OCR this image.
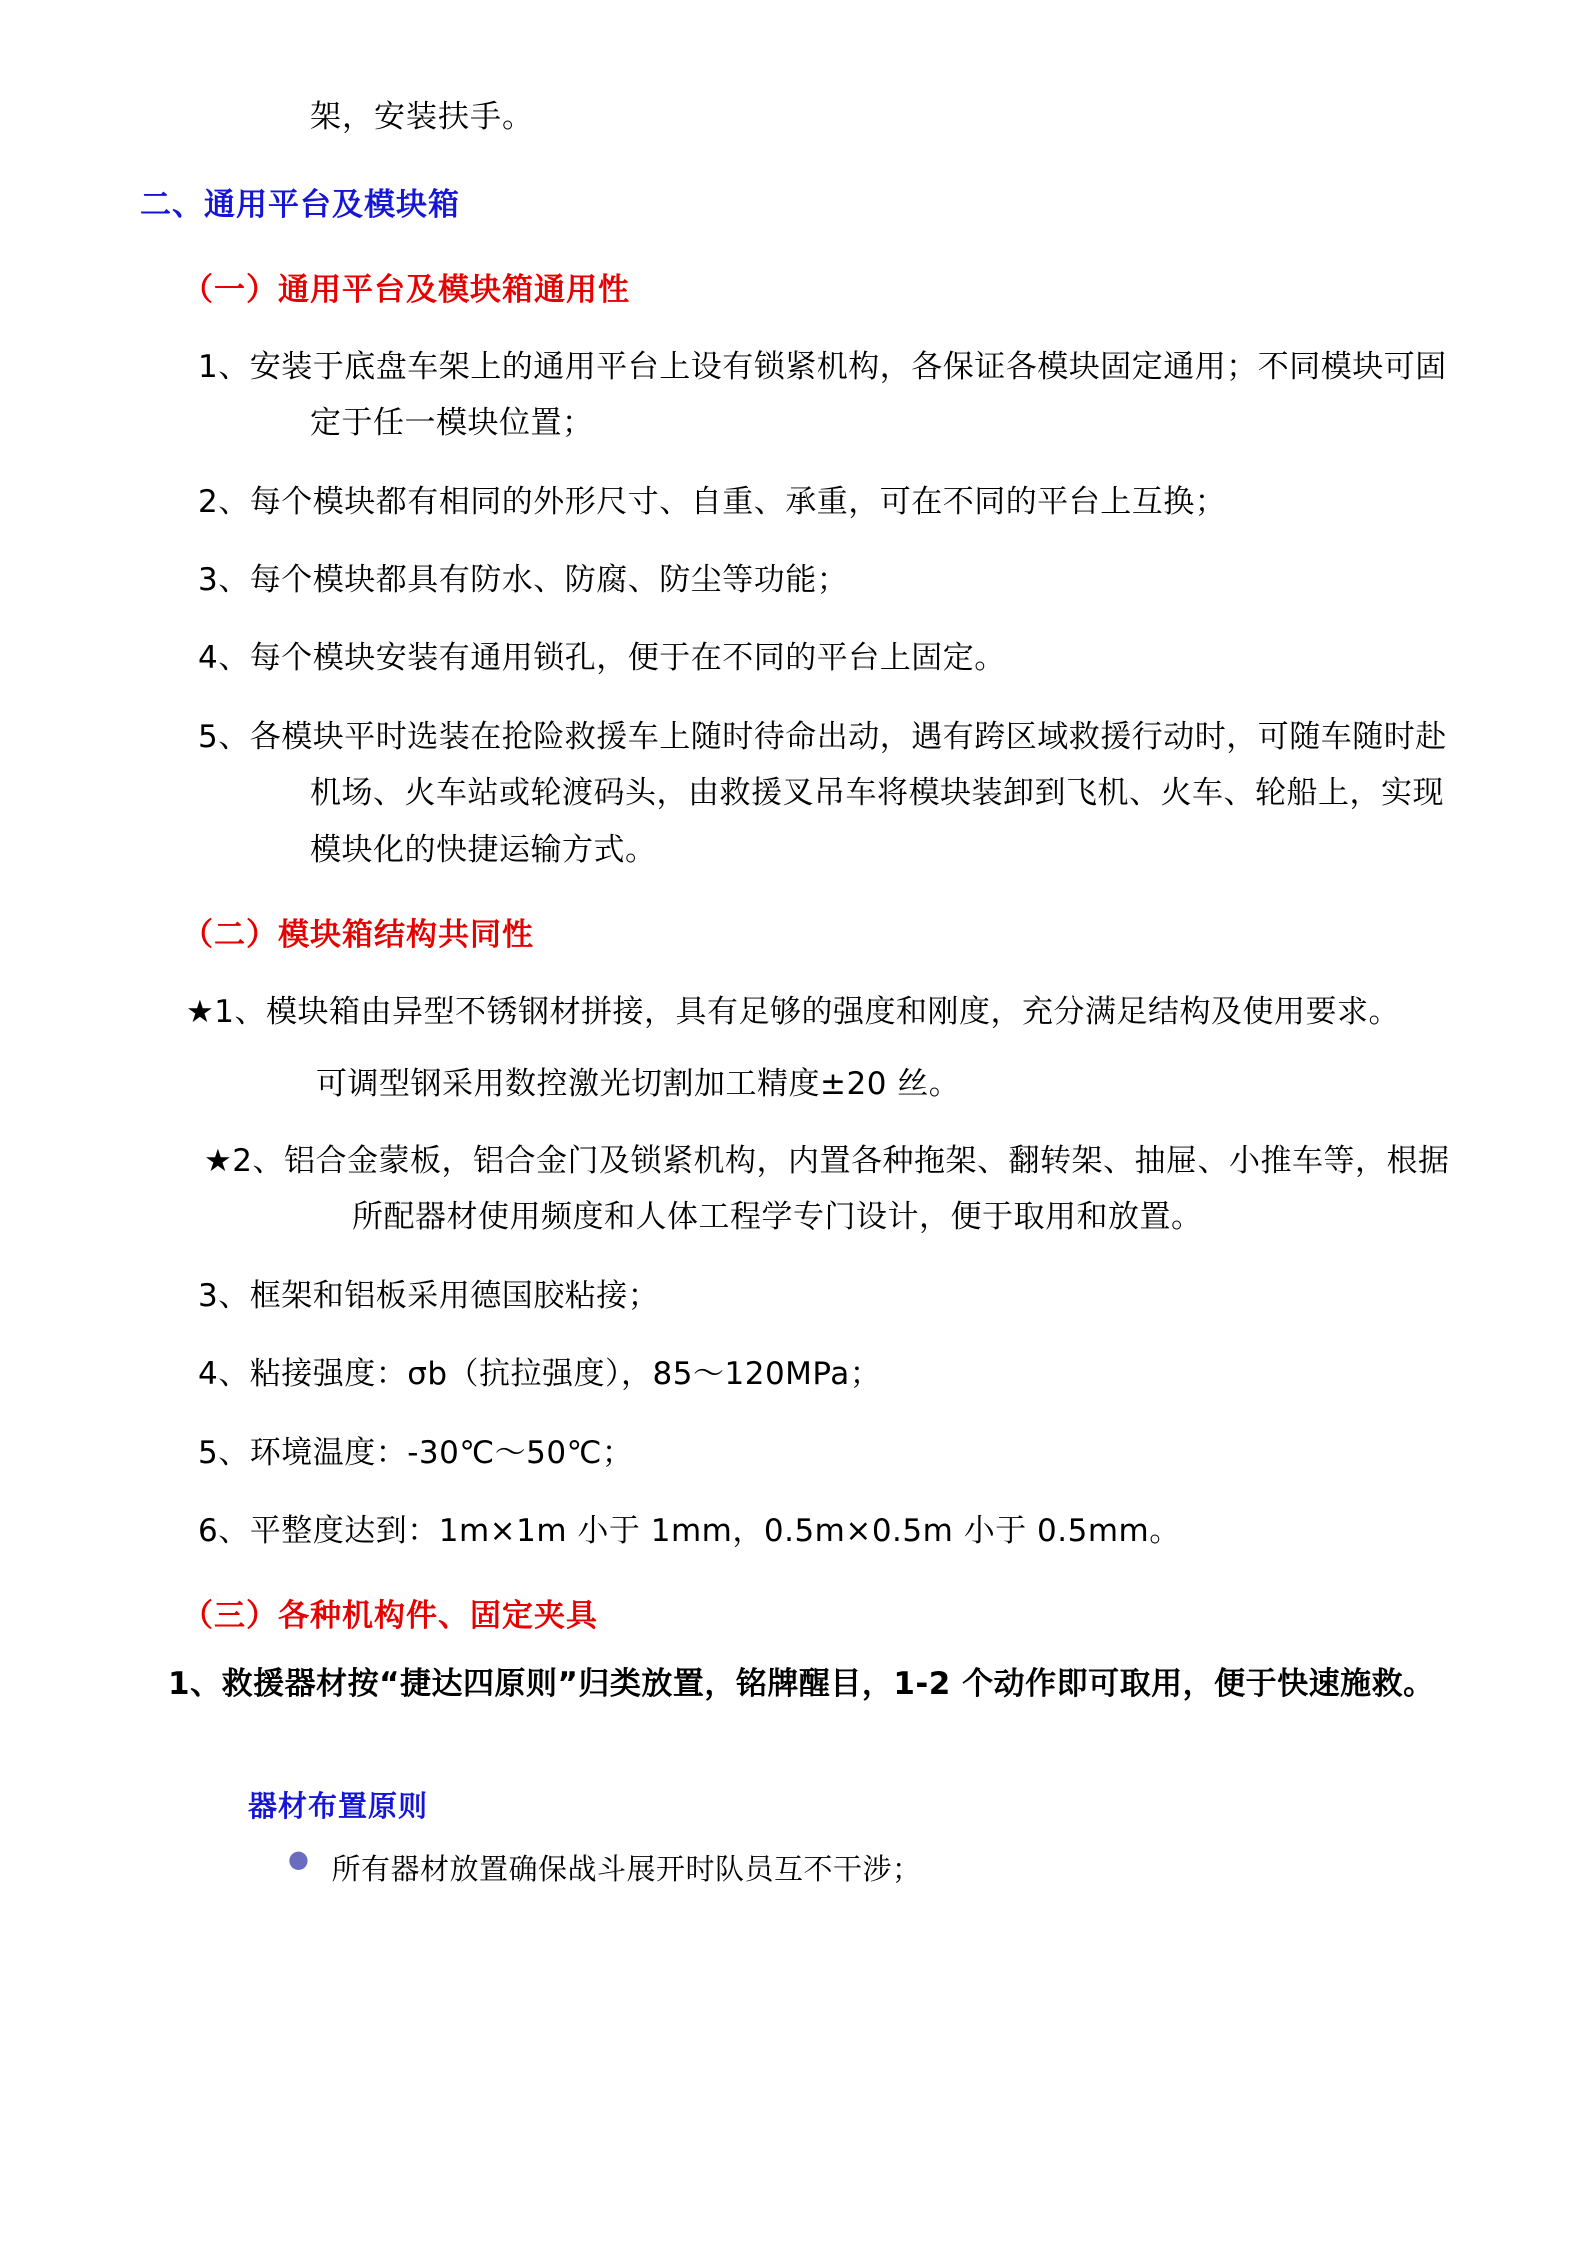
架，安装扶手。

二、通用平台及模块箱

（一）通用平台及模块箱通用性

1、安装于底盘车架上的通用平台上设有锁紧机构，各保证各模块固定通用；不同模块可固定于任一模块位置；

2、每个模块都有相同的外形尺寸、自重、承重，可在不同的平台上互换；

3、每个模块都具有防水、防腐、防尘等功能；

4、每个模块安装有通用锁孔，便于在不同的平台上固定。

5、各模块平时选装在抢险救援车上随时待命出动，遇有跨区域救援行动时，可随车随时赴机场、火车站或轮渡码头，由救援叉吊车将模块装卸到飞机、火车、轮船上，实现模块化的快捷运输方式。

（二）模块箱结构共同性

★1、模块箱由异型不锈钢材拼接，具有足够的强度和刚度，充分满足结构及使用要求。

可调型钢采用数控激光切割加工精度±20 丝。

★2、铝合金蒙板，铝合金门及锁紧机构，内置各种拖架、翻转架、抽屉、小推车等，根据所配器材使用频度和人体工程学专门设计，便于取用和放置。

3、框架和铝板采用德国胶粘接；

4、粘接强度：σb（抗拉强度），85～120MPa；

5、环境温度：-30℃～50℃；

6、平整度达到：1m×1m 小于 1mm，0.5m×0.5m 小于 0.5mm。

（三）各种机构件、固定夹具

1、救援器材按“捷达四原则”归类放置，铭牌醒目，1-2 个动作即可取用，便于快速施救。

器材布置原则

● 所有器材放置确保战斗展开时队员互不干涉；
